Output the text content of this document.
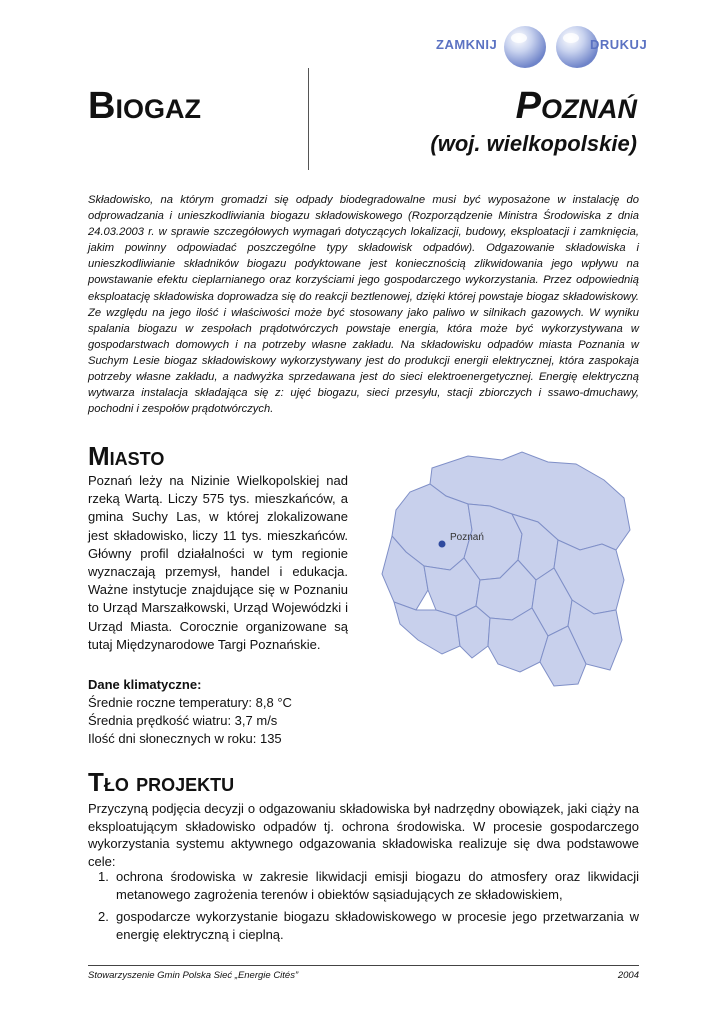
ZAMKNIJ	DRUKUJ
Biogaz	Poznań
(woj. wielkopolskie)

Składowisko, na którym gromadzi się odpady biodegradowalne musi być wyposażone w instalację do odprowadzania i unieszkodliwiania biogazu składowiskowego (Rozporządzenie Ministra Środowiska z dnia 24.03.2003 r. w sprawie szczegółowych wymagań dotyczących lokalizacji, budowy, eksploatacji i zamknięcia, jakim powinny odpowiadać poszczególne typy składowisk odpadów). Odgazowanie składowiska i unieszkodliwianie składników biogazu podyktowane jest koniecznością zlikwidowania jego wpływu na powstawanie efektu cieplarnianego oraz korzyściami jego gospodarczego wykorzystania. Przez odpowiednią eksploatację składowiska doprowadza się do reakcji beztlenowej, dzięki której powstaje biogaz składowiskowy. Ze względu na jego ilość i właściwości może być stosowany jako paliwo w silnikach gazowych. W wyniku spalania biogazu w zespołach prądotwórczych powstaje energia, która może być wykorzystywana w gospodarstwach domowych i na potrzeby własne zakładu. Na składowisku odpadów miasta Poznania w Suchym Lesie biogaz składowiskowy wykorzystywany jest do produkcji energii elektrycznej, która zaspokaja potrzeby własne zakładu, a nadwyżka sprzedawana jest do sieci elektroenergetycznej. Energię elektryczną wytwarza instalacja składająca się z: ujęć biogazu, sieci przesyłu, stacji zbiorczych i ssawo-dmuchawy, pochodni i zespołów prądotwórczych.

Miasto

Poznań leży na Nizinie Wielkopolskiej nad rzeką Wartą. Liczy 575 tys. mieszkańców, a gmina Suchy Las, w której zlokalizowane jest składowisko, liczy 11 tys. mieszkańców. Główny profil działalności w tym regionie wyznaczają przemysł, handel i edukacja. Ważne instytucje znajdujące się w Poznaniu to Urząd Marszałkowski, Urząd Wojewódzki i Urząd Miasta. Corocznie organizowane są tutaj Międzynarodowe Targi Poznańskie.

Poznań
Dane klimatyczne:
Średnie roczne temperatury: 8,8 °C
Średnia prędkość wiatru: 3,7 m/s
Ilość dni słonecznych w roku: 135
Tło projektu

Przyczyną podjęcia decyzji o odgazowaniu składowiska był nadrzędny obowiązek, jaki ciąży na eksploatującym składowisko odpadów tj. ochrona środowiska. W procesie gospodarczego wykorzystania systemu aktywnego odgazowania składowiska realizuje się dwa podstawowe cele:

1. ochrona środowiska w zakresie likwidacji emisji biogazu do atmosfery oraz likwidacji metanowego zagrożenia terenów i obiektów sąsiadujących ze składowiskiem,
2. gospodarcze wykorzystanie biogazu składowiskowego w procesie jego przetwarzania w energię elektryczną i cieplną.
Stowarzyszenie Gmin Polska Sieć „Energie Cités”	2004
